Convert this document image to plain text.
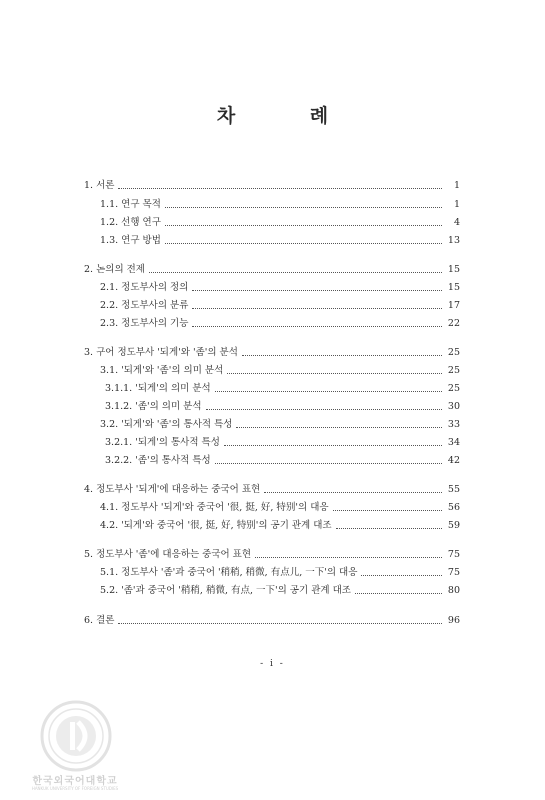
차 례
1. 서론	1
1.1. 연구 목적	1
1.2. 선행 연구	4
1.3. 연구 방법	13
2. 논의의 전제	15
2.1. 정도부사의 정의	15
2.2. 정도부사의 분류	17
2.3. 정도부사의 기능	22
3. 구어 정도부사 '되게'와 '좀'의 분석	25
3.1. '되게'와 '좀'의 의미 분석	25
3.1.1. '되게'의 의미 분석	25
3.1.2. '좀'의 의미 분석	30
3.2. '되게'와 '좀'의 통사적 특성	33
3.2.1. '되게'의 통사적 특성	34
3.2.2. '좀'의 통사적 특성	42
4. 정도부사 '되게'에 대응하는 중국어 표현	55
4.1. 정도부사 '되게'와 중국어 '很, 挺, 好, 特别'의 대응	56
4.2. '되게'와 중국어 '很, 挺, 好, 特别'의 공기 관계 대조	59
5. 정도부사 '좀'에 대응하는 중국어 표현	75
5.1. 정도부사 '좀'과 중국어 '稍稍, 稍微, 有点儿, 一下'의 대응	75
5.2. '좀'과 중국어 '稍稍, 稍微, 有点, 一下'의 공기 관계 대조	80
6. 결론	96
- i -
한국외국어대학교
HANKUK UNIVERSITY OF FOREIGN STUDIES
